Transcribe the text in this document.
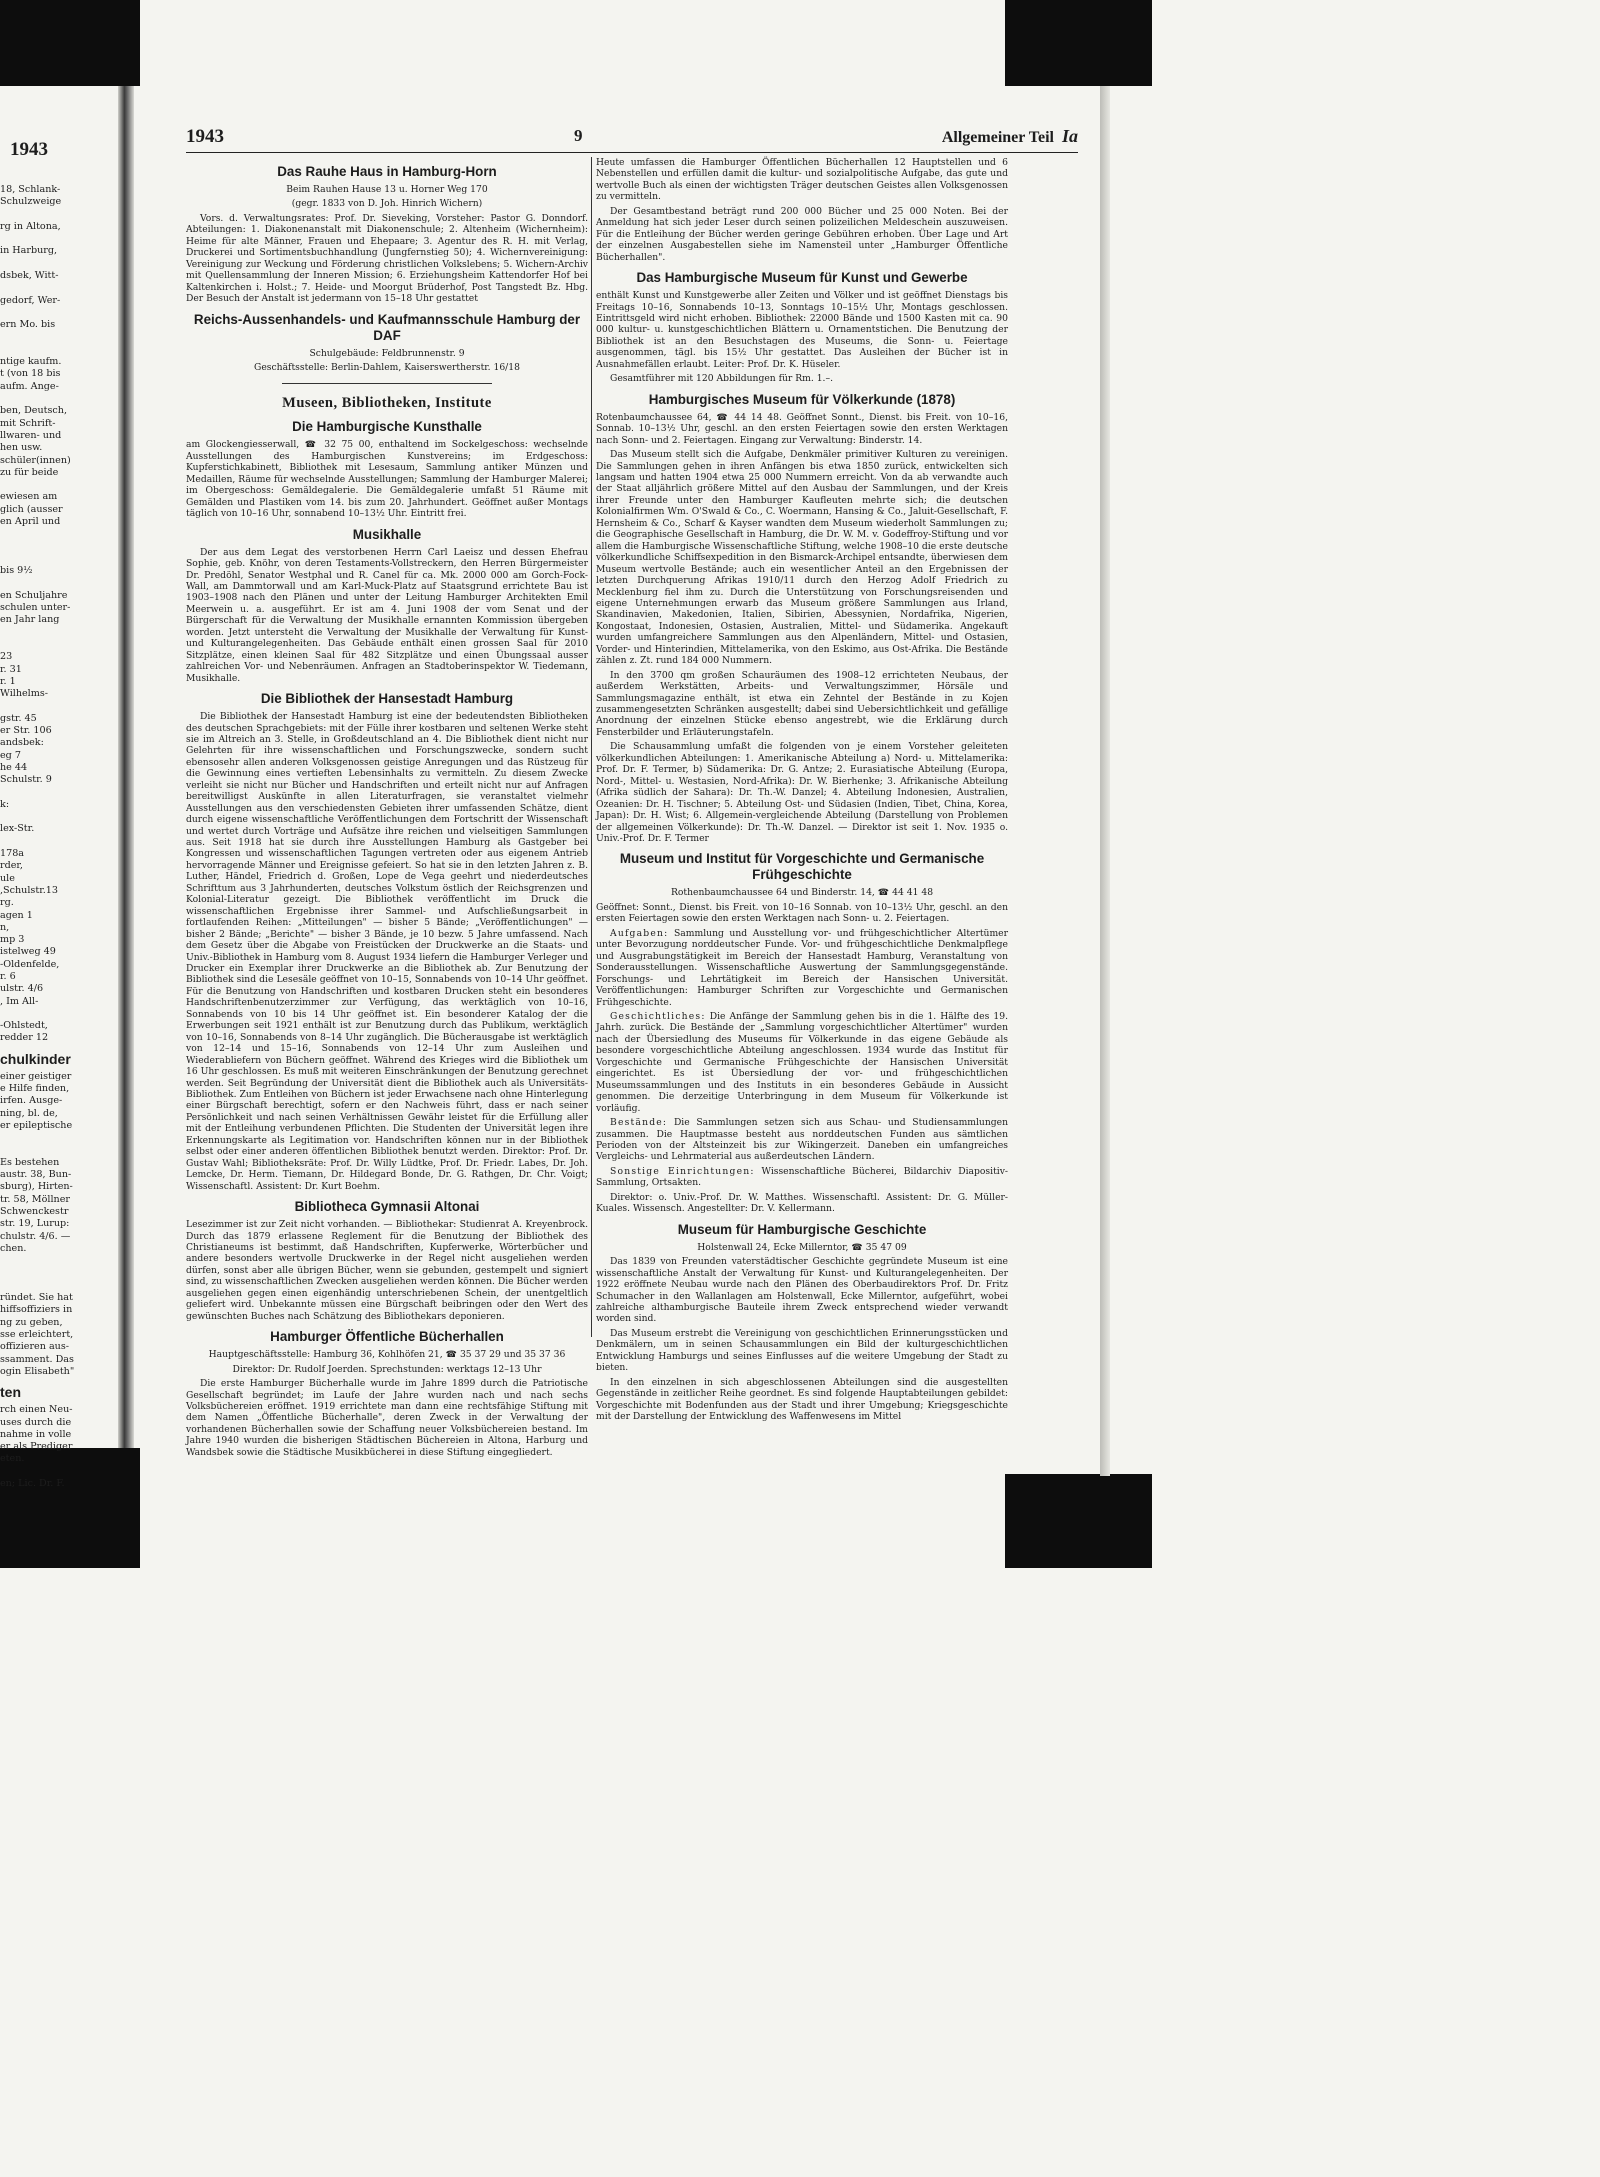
1943
18, Schlank-
Schulzweige

rg in Altona,

in Harburg,

dsbek, Witt-

gedorf, Wer-

ern Mo. bis

ntige kaufm.
t (von 18 bis
aufm. Ange-

ben, Deutsch,
mit Schrift-
llwaren- und
hen usw.
schüler(innen)
zu für beide

ewiesen am
glich (ausser
en April und

bis 9½

en Schuljahre
schulen unter-
en Jahr lang

23
r. 31
r. 1
Wilhelms-

gstr. 45
er Str. 106
andsbek:
eg 7
he 44
Schulstr. 9

k:

lex-Str.

178a
rder,
ule
,Schulstr.13
rg.
agen 1
n,
mp 3
istelweg 49
-Oldenfelde,
r. 6
ulstr. 4/6
, Im All-

-Ohlstedt,
redder 12
chulkinder
einer geistiger
e Hilfe finden,
irfen. Ausge-
ning, bl. de,
er epileptische

Es bestehen
austr. 38, Bun-
sburg), Hirten-
tr. 58, Möllner
Schwenckestr
str. 19, Lurup:
chulstr. 4/6. —
chen.

ründet. Sie hat
hiffsoffiziers in
ng zu geben,
sse erleichtert,
offizieren aus-
ssamment. Das
ogin Elisabeth"
ten
rch einen Neu-
uses durch die
nahme in volle
er als Prediger
eten.

en; Lic. Dr. F.
1943	9	Allgemeiner Teil Ia
Das Rauhe Haus in Hamburg-Horn

Beim Rauhen Hause 13 u. Horner Weg 170

(gegr. 1833 von D. Joh. Hinrich Wichern)

Vors. d. Verwaltungsrates: Prof. Dr. Sieveking, Vorsteher: Pastor G. Donndorf. Abteilungen: 1. Diakonenanstalt mit Diakonenschule; 2. Altenheim (Wichernheim): Heime für alte Männer, Frauen und Ehepaare; 3. Agentur des R. H. mit Verlag, Druckerei und Sortimentsbuchhandlung (Jungfernstieg 50); 4. Wichernvereinigung: Vereinigung zur Weckung und Förderung christlichen Volkslebens; 5. Wichern-Archiv mit Quellensammlung der Inneren Mission; 6. Erziehungsheim Kattendorfer Hof bei Kaltenkirchen i. Holst.; 7. Heide- und Moorgut Brüderhof, Post Tangstedt Bz. Hbg. Der Besuch der Anstalt ist jedermann von 15–18 Uhr gestattet

Reichs-Aussenhandels- und Kaufmannsschule Hamburg der DAF

Schulgebäude: Feldbrunnenstr. 9

Geschäftsstelle: Berlin-Dahlem, Kaiserswertherstr. 16/18

Museen, Bibliotheken, Institute
Die Hamburgische Kunsthalle

am Glockengiesserwall, ☎ 32 75 00, enthaltend im Sockelgeschoss: wechselnde Ausstellungen des Hamburgischen Kunstvereins; im Erdgeschoss: Kupferstichkabinett, Bibliothek mit Lesesaum, Sammlung antiker Münzen und Medaillen, Räume für wechselnde Ausstellungen; Sammlung der Hamburger Malerei; im Obergeschoss: Gemäldegalerie. Die Gemäldegalerie umfaßt 51 Räume mit Gemälden und Plastiken vom 14. bis zum 20. Jahrhundert. Geöffnet außer Montags täglich von 10–16 Uhr, sonnabend 10–13½ Uhr. Eintritt frei.

Musikhalle

Der aus dem Legat des verstorbenen Herrn Carl Laeisz und dessen Ehefrau Sophie, geb. Knöhr, von deren Testaments-Vollstreckern, den Herren Bürgermeister Dr. Predöhl, Senator Westphal und R. Canel für ca. Mk. 2000 000 am Gorch-Fock-Wall, am Dammtorwall und am Karl-Muck-Platz auf Staatsgrund errichtete Bau ist 1903–1908 nach den Plänen und unter der Leitung Hamburger Architekten Emil Meerwein u. a. ausgeführt. Er ist am 4. Juni 1908 der vom Senat und der Bürgerschaft für die Verwaltung der Musikhalle ernannten Kommission übergeben worden. Jetzt untersteht die Verwaltung der Musikhalle der Verwaltung für Kunst- und Kulturangelegenheiten. Das Gebäude enthält einen grossen Saal für 2010 Sitzplätze, einen kleinen Saal für 482 Sitzplätze und einen Übungssaal ausser zahlreichen Vor- und Nebenräumen. Anfragen an Stadtoberinspektor W. Tiedemann, Musikhalle.

Die Bibliothek der Hansestadt Hamburg

Die Bibliothek der Hansestadt Hamburg ist eine der bedeutendsten Bibliotheken des deutschen Sprachgebiets: mit der Fülle ihrer kostbaren und seltenen Werke steht sie im Altreich an 3. Stelle, in Großdeutschland an 4. Die Bibliothek dient nicht nur Gelehrten für ihre wissenschaftlichen und Forschungszwecke, sondern sucht ebensosehr allen anderen Volksgenossen geistige Anregungen und das Rüstzeug für die Gewinnung eines vertieften Lebensinhalts zu vermitteln. Zu diesem Zwecke verleiht sie nicht nur Bücher und Handschriften und erteilt nicht nur auf Anfragen bereitwilligst Auskünfte in allen Literaturfragen, sie veranstaltet vielmehr Ausstellungen aus den verschiedensten Gebieten ihrer umfassenden Schätze, dient durch eigene wissenschaftliche Veröffentlichungen dem Fortschritt der Wissenschaft und wertet durch Vorträge und Aufsätze ihre reichen und vielseitigen Sammlungen aus. Seit 1918 hat sie durch ihre Ausstellungen Hamburg als Gastgeber bei Kongressen und wissenschaftlichen Tagungen vertreten oder aus eigenem Antrieb hervorragende Männer und Ereignisse gefeiert. So hat sie in den letzten Jahren z. B. Luther, Händel, Friedrich d. Großen, Lope de Vega geehrt und niederdeutsches Schrifttum aus 3 Jahrhunderten, deutsches Volkstum östlich der Reichsgrenzen und Kolonial-Literatur gezeigt. Die Bibliothek veröffentlicht im Druck die wissenschaftlichen Ergebnisse ihrer Sammel- und Aufschließungsarbeit in fortlaufenden Reihen: „Mitteilungen" — bisher 5 Bände; „Veröffentlichungen" — bisher 2 Bände; „Berichte" — bisher 3 Bände, je 10 bezw. 5 Jahre umfassend. Nach dem Gesetz über die Abgabe von Freistücken der Druckwerke an die Staats- und Univ.-Bibliothek in Hamburg vom 8. August 1934 liefern die Hamburger Verleger und Drucker ein Exemplar ihrer Druckwerke an die Bibliothek ab. Zur Benutzung der Bibliothek sind die Lesesäle geöffnet von 10–15, Sonnabends von 10–14 Uhr geöffnet. Für die Benutzung von Handschriften und kostbaren Drucken steht ein besonderes Handschriftenbenutzerzimmer zur Verfügung, das werktäglich von 10–16, Sonnabends von 10 bis 14 Uhr geöffnet ist. Ein besonderer Katalog der die Erwerbungen seit 1921 enthält ist zur Benutzung durch das Publikum, werktäglich von 10–16, Sonnabends von 8–14 Uhr zugänglich. Die Bücherausgabe ist werktäglich von 12–14 und 15–16, Sonnabends von 12–14 Uhr zum Ausleihen und Wiederabliefern von Büchern geöffnet. Während des Krieges wird die Bibliothek um 16 Uhr geschlossen. Es muß mit weiteren Einschränkungen der Benutzung gerechnet werden. Seit Begründung der Universität dient die Bibliothek auch als Universitäts-Bibliothek. Zum Entleihen von Büchern ist jeder Erwachsene nach ohne Hinterlegung einer Bürgschaft berechtigt, sofern er den Nachweis führt, dass er nach seiner Persönlichkeit und nach seinen Verhältnissen Gewähr leistet für die Erfüllung aller mit der Entleihung verbundenen Pflichten. Die Studenten der Universität legen ihre Erkennungskarte als Legitimation vor. Handschriften können nur in der Bibliothek selbst oder einer anderen öffentlichen Bibliothek benutzt werden. Direktor: Prof. Dr. Gustav Wahl; Bibliotheksräte: Prof. Dr. Willy Lüdtke, Prof. Dr. Friedr. Labes, Dr. Joh. Lemcke, Dr. Herm. Tiemann, Dr. Hildegard Bonde, Dr. G. Rathgen, Dr. Chr. Voigt; Wissenschaftl. Assistent: Dr. Kurt Boehm.

Bibliotheca Gymnasii Altonai

Lesezimmer ist zur Zeit nicht vorhanden. — Bibliothekar: Studienrat A. Kreyenbrock. Durch das 1879 erlassene Reglement für die Benutzung der Bibliothek des Christianeums ist bestimmt, daß Handschriften, Kupferwerke, Wörterbücher und andere besonders wertvolle Druckwerke in der Regel nicht ausgeliehen werden dürfen, sonst aber alle übrigen Bücher, wenn sie gebunden, gestempelt und signiert sind, zu wissenschaftlichen Zwecken ausgeliehen werden können. Die Bücher werden ausgeliehen gegen einen eigenhändig unterschriebenen Schein, der unentgeltlich geliefert wird. Unbekannte müssen eine Bürgschaft beibringen oder den Wert des gewünschten Buches nach Schätzung des Bibliothekars deponieren.

Hamburger Öffentliche Bücherhallen

Hauptgeschäftsstelle: Hamburg 36, Kohlhöfen 21, ☎ 35 37 29 und 35 37 36

Direktor: Dr. Rudolf Joerden. Sprechstunden: werktags 12–13 Uhr

Die erste Hamburger Bücherhalle wurde im Jahre 1899 durch die Patriotische Gesellschaft begründet; im Laufe der Jahre wurden nach und nach sechs Volksbüchereien eröffnet. 1919 errichtete man dann eine rechtsfähige Stiftung mit dem Namen „Öffentliche Bücherhalle", deren Zweck in der Verwaltung der vorhandenen Bücherhallen sowie der Schaffung neuer Volksbüchereien bestand. Im Jahre 1940 wurden die bisherigen Städtischen Büchereien in Altona, Harburg und Wandsbek sowie die Städtische Musikbücherei in diese Stiftung eingegliedert.

Heute umfassen die Hamburger Öffentlichen Bücherhallen 12 Hauptstellen und 6 Nebenstellen und erfüllen damit die kultur- und sozialpolitische Aufgabe, das gute und wertvolle Buch als einen der wichtigsten Träger deutschen Geistes allen Volksgenossen zu vermitteln.

Der Gesamtbestand beträgt rund 200 000 Bücher und 25 000 Noten. Bei der Anmeldung hat sich jeder Leser durch seinen polizeilichen Meldeschein auszuweisen. Für die Entleihung der Bücher werden geringe Gebühren erhoben. Über Lage und Art der einzelnen Ausgabestellen siehe im Namensteil unter „Hamburger Öffentliche Bücherhallen".

Das Hamburgische Museum für Kunst und Gewerbe

enthält Kunst und Kunstgewerbe aller Zeiten und Völker und ist geöffnet Dienstags bis Freitags 10–16, Sonnabends 10–13, Sonntags 10–15½ Uhr, Montags geschlossen. Eintrittsgeld wird nicht erhoben. Bibliothek: 22000 Bände und 1500 Kasten mit ca. 90 000 kultur- u. kunstgeschichtlichen Blättern u. Ornamentstichen. Die Benutzung der Bibliothek ist an den Besuchstagen des Museums, die Sonn- u. Feiertage ausgenommen, tägl. bis 15½ Uhr gestattet. Das Ausleihen der Bücher ist in Ausnahmefällen erlaubt. Leiter: Prof. Dr. K. Hüseler.

Gesamtführer mit 120 Abbildungen für Rm. 1.–.

Hamburgisches Museum für Völkerkunde (1878)

Rotenbaumchaussee 64, ☎ 44 14 48. Geöffnet Sonnt., Dienst. bis Freit. von 10–16, Sonnab. 10–13½ Uhr, geschl. an den ersten Feiertagen sowie den ersten Werktagen nach Sonn- und 2. Feiertagen. Eingang zur Verwaltung: Binderstr. 14.

Das Museum stellt sich die Aufgabe, Denkmäler primitiver Kulturen zu vereinigen. Die Sammlungen gehen in ihren Anfängen bis etwa 1850 zurück, entwickelten sich langsam und hatten 1904 etwa 25 000 Nummern erreicht. Von da ab verwandte auch der Staat alljährlich größere Mittel auf den Ausbau der Sammlungen, und der Kreis ihrer Freunde unter den Hamburger Kaufleuten mehrte sich; die deutschen Kolonialfirmen Wm. O'Swald & Co., C. Woermann, Hansing & Co., Jaluit-Gesellschaft, F. Hernsheim & Co., Scharf & Kayser wandten dem Museum wiederholt Sammlungen zu; die Geographische Gesellschaft in Hamburg, die Dr. W. M. v. Godeffroy-Stiftung und vor allem die Hamburgische Wissenschaftliche Stiftung, welche 1908–10 die erste deutsche völkerkundliche Schiffsexpedition in den Bismarck-Archipel entsandte, überwiesen dem Museum wertvolle Bestände; auch ein wesentlicher Anteil an den Ergebnissen der letzten Durchquerung Afrikas 1910/11 durch den Herzog Adolf Friedrich zu Mecklenburg fiel ihm zu. Durch die Unterstützung von Forschungsreisenden und eigene Unternehmungen erwarb das Museum größere Sammlungen aus Irland, Skandinavien, Makedonien, Italien, Sibirien, Abessynien, Nordafrika, Nigerien, Kongostaat, Indonesien, Ostasien, Australien, Mittel- und Südamerika. Angekauft wurden umfangreichere Sammlungen aus den Alpenländern, Mittel- und Ostasien, Vorder- und Hinterindien, Mittelamerika, von den Eskimo, aus Ost-Afrika. Die Bestände zählen z. Zt. rund 184 000 Nummern.

In den 3700 qm großen Schauräumen des 1908–12 errichteten Neubaus, der außerdem Werkstätten, Arbeits- und Verwaltungszimmer, Hörsäle und Sammlungsmagazine enthält, ist etwa ein Zehntel der Bestände in zu Kojen zusammengesetzten Schränken ausgestellt; dabei sind Uebersichtlichkeit und gefällige Anordnung der einzelnen Stücke ebenso angestrebt, wie die Erklärung durch Fensterbilder und Erläuterungstafeln.

Die Schausammlung umfaßt die folgenden von je einem Vorsteher geleiteten völkerkundlichen Abteilungen: 1. Amerikanische Abteilung a) Nord- u. Mittelamerika: Prof. Dr. F. Termer, b) Südamerika: Dr. G. Antze; 2. Eurasiatische Abteilung (Europa, Nord-, Mittel- u. Westasien, Nord-Afrika): Dr. W. Bierhenke; 3. Afrikanische Abteilung (Afrika südlich der Sahara): Dr. Th.-W. Danzel; 4. Abteilung Indonesien, Australien, Ozeanien: Dr. H. Tischner; 5. Abteilung Ost- und Südasien (Indien, Tibet, China, Korea, Japan): Dr. H. Wist; 6. Allgemein-vergleichende Abteilung (Darstellung von Problemen der allgemeinen Völkerkunde): Dr. Th.-W. Danzel. — Direktor ist seit 1. Nov. 1935 o. Univ.-Prof. Dr. F. Termer

Museum und Institut für Vorgeschichte und Germanische Frühgeschichte

Rothenbaumchaussee 64 und Binderstr. 14, ☎ 44 41 48

Geöffnet: Sonnt., Dienst. bis Freit. von 10–16 Sonnab. von 10–13½ Uhr, geschl. an den ersten Feiertagen sowie den ersten Werktagen nach Sonn- u. 2. Feiertagen.

Aufgaben: Sammlung und Ausstellung vor- und frühgeschichtlicher Altertümer unter Bevorzugung norddeutscher Funde. Vor- und frühgeschichtliche Denkmalpflege und Ausgrabungstätigkeit im Bereich der Hansestadt Hamburg, Veranstaltung von Sonderausstellungen. Wissenschaftliche Auswertung der Sammlungsgegenstände. Forschungs- und Lehrtätigkeit im Bereich der Hansischen Universität. Veröffentlichungen: Hamburger Schriften zur Vorgeschichte und Germanischen Frühgeschichte.

Geschichtliches: Die Anfänge der Sammlung gehen bis in die 1. Hälfte des 19. Jahrh. zurück. Die Bestände der „Sammlung vorgeschichtlicher Altertümer" wurden nach der Übersiedlung des Museums für Völkerkunde in das eigene Gebäude als besondere vorgeschichtliche Abteilung angeschlossen. 1934 wurde das Institut für Vorgeschichte und Germanische Frühgeschichte der Hansischen Universität eingerichtet. Es ist Übersiedlung der vor- und frühgeschichtlichen Museumssammlungen und des Instituts in ein besonderes Gebäude in Aussicht genommen. Die derzeitige Unterbringung in dem Museum für Völkerkunde ist vorläufig.

Bestände: Die Sammlungen setzen sich aus Schau- und Studiensammlungen zusammen. Die Hauptmasse besteht aus norddeutschen Funden aus sämtlichen Perioden von der Altsteinzeit bis zur Wikingerzeit. Daneben ein umfangreiches Vergleichs- und Lehrmaterial aus außerdeutschen Ländern.

Sonstige Einrichtungen: Wissenschaftliche Bücherei, Bildarchiv Diapositiv-Sammlung, Ortsakten.

Direktor: o. Univ.-Prof. Dr. W. Matthes. Wissenschaftl. Assistent: Dr. G. Müller-Kuales. Wissensch. Angestellter: Dr. V. Kellermann.

Museum für Hamburgische Geschichte

Holstenwall 24, Ecke Millerntor, ☎ 35 47 09

Das 1839 von Freunden vaterstädtischer Geschichte gegründete Museum ist eine wissenschaftliche Anstalt der Verwaltung für Kunst- und Kulturangelegenheiten. Der 1922 eröffnete Neubau wurde nach den Plänen des Oberbaudirektors Prof. Dr. Fritz Schumacher in den Wallanlagen am Holstenwall, Ecke Millerntor, aufgeführt, wobei zahlreiche althamburgische Bauteile ihrem Zweck entsprechend wieder verwandt worden sind.

Das Museum erstrebt die Vereinigung von geschichtlichen Erinnerungsstücken und Denkmälern, um in seinen Schausammlungen ein Bild der kulturgeschichtlichen Entwicklung Hamburgs und seines Einflusses auf die weitere Umgebung der Stadt zu bieten.

In den einzelnen in sich abgeschlossenen Abteilungen sind die ausgestellten Gegenstände in zeitlicher Reihe geordnet. Es sind folgende Hauptabteilungen gebildet: Vorgeschichte mit Bodenfunden aus der Stadt und ihrer Umgebung; Kriegsgeschichte mit der Darstellung der Entwicklung des Waffenwesens im Mittel
